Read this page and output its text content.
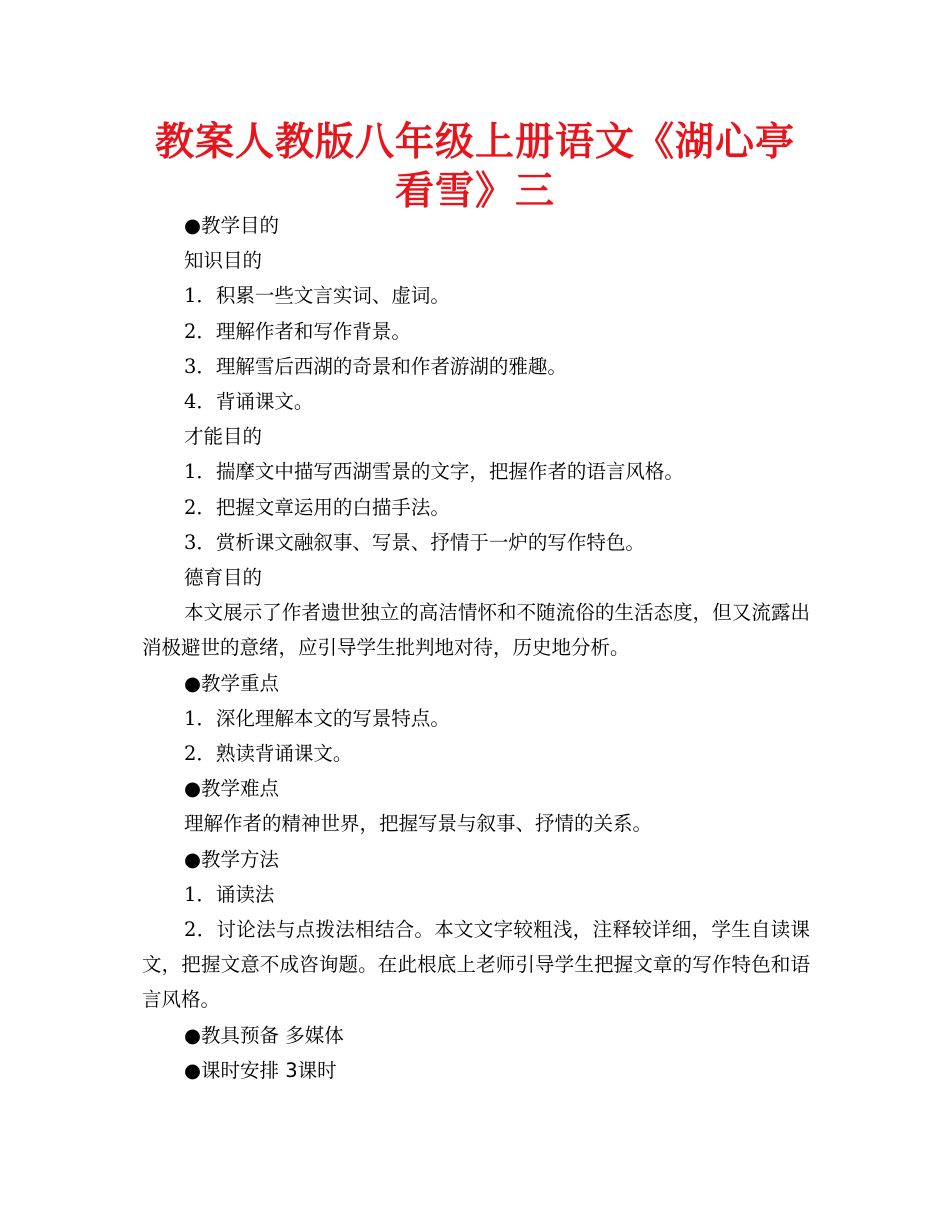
教案人教版八年级上册语文《湖心亭看雪》三

●教学目的

知识目的

1．积累一些文言实词、虚词。

2．理解作者和写作背景。

3．理解雪后西湖的奇景和作者游湖的雅趣。

4．背诵课文。

才能目的

1．揣摩文中描写西湖雪景的文字，把握作者的语言风格。

2．把握文章运用的白描手法。

3．赏析课文融叙事、写景、抒情于一炉的写作特色。

德育目的

本文展示了作者遗世独立的高洁情怀和不随流俗的生活态度，但又流露出消极避世的意绪，应引导学生批判地对待，历史地分析。

●教学重点

1．深化理解本文的写景特点。

2．熟读背诵课文。

●教学难点

理解作者的精神世界，把握写景与叙事、抒情的关系。

●教学方法

1．诵读法

2．讨论法与点拨法相结合。本文文字较粗浅，注释较详细，学生自读课文，把握文意不成咨询题。在此根底上老师引导学生把握文章的写作特色和语言风格。

●教具预备 多媒体

●课时安排 3课时
